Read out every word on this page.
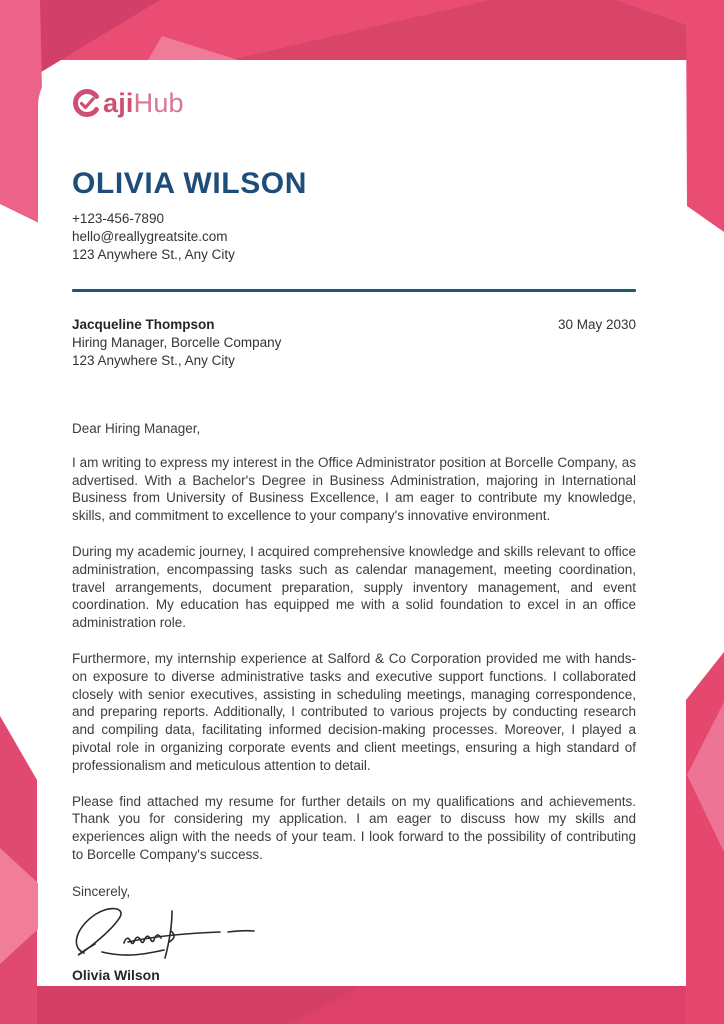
aji Hub
OLIVIA WILSON
+123-456-7890
hello@reallygreatsite.com
123 Anywhere St., Any City
Jacqueline Thompson
Hiring Manager, Borcelle Company
123 Anywhere St., Any City
30 May 2030
Dear Hiring Manager,

I am writing to express my interest in the Office Administrator position at Borcelle Company, as advertised. With a Bachelor's Degree in Business Administration, majoring in International Business from University of Business Excellence, I am eager to contribute my knowledge, skills, and commitment to excellence to your company's innovative environment.

During my academic journey, I acquired comprehensive knowledge and skills relevant to office administration, encompassing tasks such as calendar management, meeting coordination, travel arrangements, document preparation, supply inventory management, and event coordination. My education has equipped me with a solid foundation to excel in an office administration role.

Furthermore, my internship experience at Salford & Co Corporation provided me with hands-on exposure to diverse administrative tasks and executive support functions. I collaborated closely with senior executives, assisting in scheduling meetings, managing correspondence, and preparing reports. Additionally, I contributed to various projects by conducting research and compiling data, facilitating informed decision-making processes. Moreover, I played a pivotal role in organizing corporate events and client meetings, ensuring a high standard of professionalism and meticulous attention to detail.

Please find attached my resume for further details on my qualifications and achievements. Thank you for considering my application. I am eager to discuss how my skills and experiences align with the needs of your team. I look forward to the possibility of contributing to Borcelle Company's success.

Sincerely,
Olivia Wilson
